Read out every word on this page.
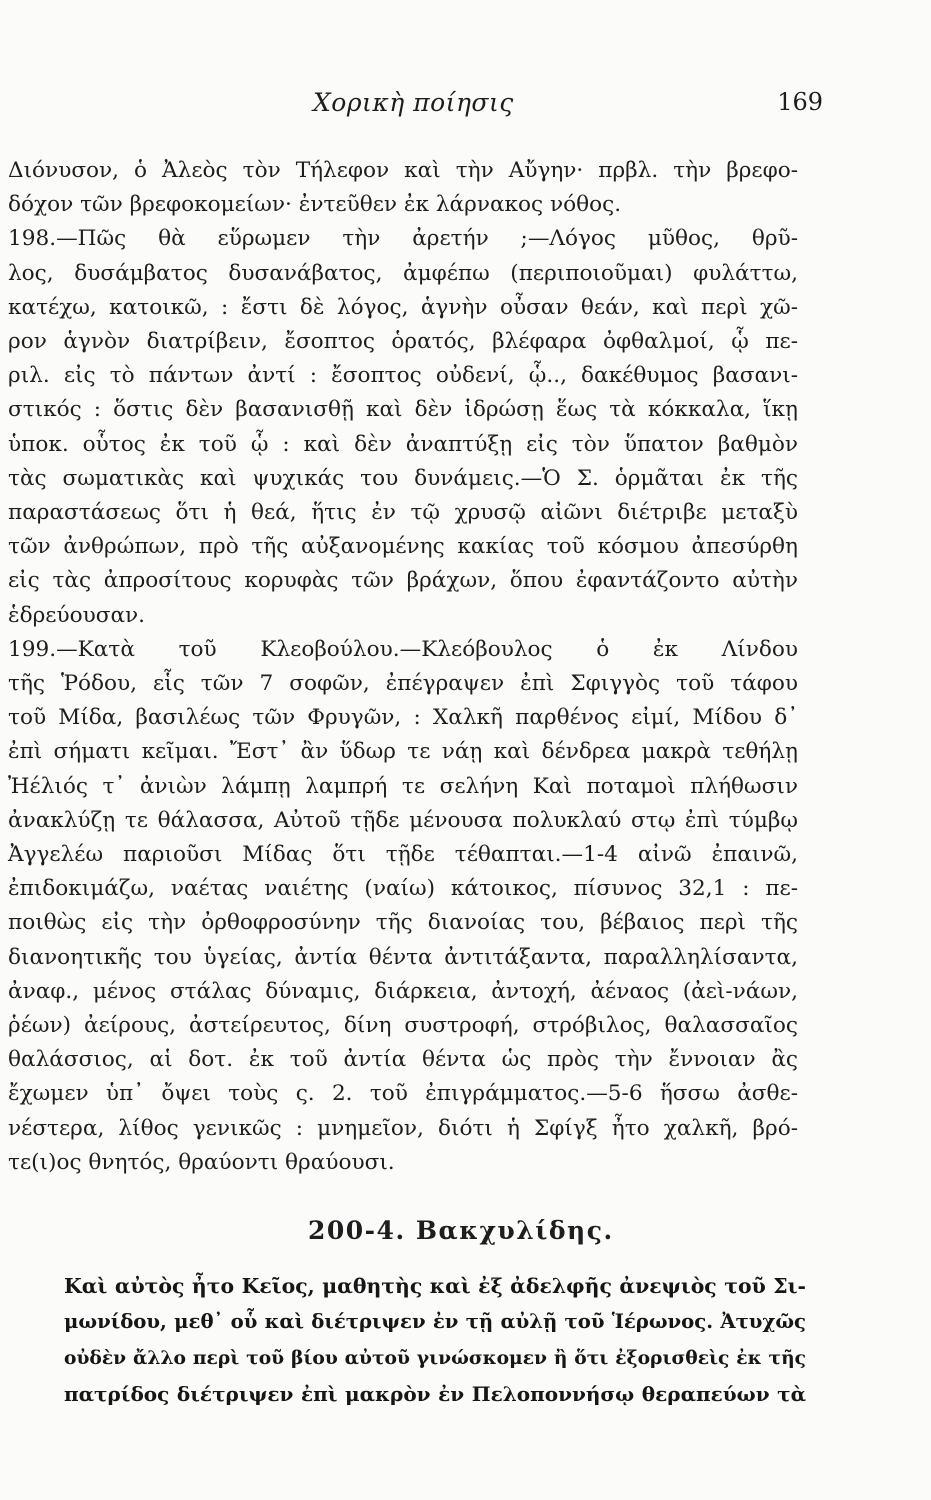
Χορικὴ ποίησις	169
Διόνυσον, ὁ Ἀλεὸς τὸν Τήλεφον καὶ τὴν Αὔγην· πρβλ. τὴν βρεφο-
δόχον τῶν βρεφοκομείων· ἐντεῦθεν ἐκ λάρνακος νόθος.
198.—Πῶς θὰ εὕρωμεν τὴν ἀρετήν ;—Λόγος μῦθος, θρῦ-
λος, δυσάμβατος δυσανάβατος, ἀμφέπω (περιποιοῦμαι) φυλάττω,
κατέχω, κατοικῶ, : ἔστι δὲ λόγος, ἁγνὴν οὖσαν θεάν, καὶ περὶ χῶ-
ρον ἁγνὸν διατρίβειν, ἔσοπτος ὁρατός, βλέφαρα ὀφθαλμοί, ᾧ πε-
ριλ. εἰς τὸ πάντων ἀντί : ἔσοπτος οὐδενί, ᾧ.., δακέθυμος βασανι-
στικός : ὅστις δὲν βασανισθῇ καὶ δὲν ἱδρώσῃ ἕως τὰ κόκκαλα, ἵκῃ
ὑποκ. οὗτος ἐκ τοῦ ᾧ : καὶ δὲν ἀναπτύξῃ εἰς τὸν ὕπατον βαθμὸν
τὰς σωματικὰς καὶ ψυχικάς του δυνάμεις.—Ὁ Σ. ὁρμᾶται ἐκ τῆς
παραστάσεως ὅτι ἡ θεά, ἥτις ἐν τῷ χρυσῷ αἰῶνι διέτριβε μεταξὺ
τῶν ἀνθρώπων, πρὸ τῆς αὐξανομένης κακίας τοῦ κόσμου ἀπεσύρθη
εἰς τὰς ἀπροσίτους κορυφὰς τῶν βράχων, ὅπου ἐφαντάζοντο αὐτὴν
ἑδρεύουσαν.
199.—Κατὰ τοῦ Κλεοβούλου.—Κλεόβουλος ὁ ἐκ Λίνδου
τῆς Ῥόδου, εἷς τῶν 7 σοφῶν, ἐπέγραψεν ἐπὶ Σφιγγὸς τοῦ τάφου
τοῦ Μίδα, βασιλέως τῶν Φρυγῶν, : Χαλκῆ παρθένος εἰμί, Μίδου δ᾽
ἐπὶ σήματι κεῖμαι. Ἔστ᾽ ἂν ὕδωρ τε νάῃ καὶ δένδρεα μακρὰ τεθήλῃ
Ἠέλιός τ᾽ ἀνιὼν λάμπῃ λαμπρή τε σελήνη Καὶ ποταμοὶ πλήθωσιν
ἀνακλύζῃ τε θάλασσα, Αὐτοῦ τῇδε μένουσα πολυκλαύ στῳ ἐπὶ τύμβῳ
Ἀγγελέω παριοῦσι Μίδας ὅτι τῇδε τέθαπται.—1-4 αἰνῶ ἐπαινῶ,
ἐπιδοκιμάζω, ναέτας ναιέτης (ναίω) κάτοικος, πίσυνος 32,1 : πε-
ποιθὼς εἰς τὴν ὀρθοφροσύνην τῆς διανοίας του, βέβαιος περὶ τῆς
διανοητικῆς του ὑγείας, ἀντία θέντα ἀντιτάξαντα, παραλληλίσαντα,
ἀναφ., μένος στάλας δύναμις, διάρκεια, ἀντοχή, ἀέναος (ἀεὶ-νάων,
ῥέων) ἀείρους, ἀστείρευτος, δίνη συστροφή, στρόβιλος, θαλασσαῖος
θαλάσσιος, αἱ δοτ. ἐκ τοῦ ἀντία θέντα ὡς πρὸς τὴν ἔννοιαν ἂς
ἔχωμεν ὑπ᾽ ὄψει τοὺς ς. 2. τοῦ ἐπιγράμματος.—5-6 ἥσσω ἀσθε-
νέστερα, λίθος γενικῶς : μνημεῖον, διότι ἡ Σφίγξ ἦτο χαλκῆ, βρό-
τε(ι)ος θνητός, θραύοντι θραύουσι.
200-4. Βακχυλίδης.
Καὶ αὐτὸς ἦτο Κεῖος, μαθητὴς καὶ ἐξ ἀδελφῆς ἀνεψιὸς τοῦ Σι-
μωνίδου, μεθ᾽ οὗ καὶ διέτριψεν ἐν τῇ αὐλῇ τοῦ Ἱέρωνος. Ἀτυχῶς
οὐδὲν ἄλλο περὶ τοῦ βίου αὐτοῦ γινώσκομεν ἢ ὅτι ἐξορισθεὶς ἐκ τῆς
πατρίδος διέτριψεν ἐπὶ μακρὸν ἐν Πελοποννήσῳ θεραπεύων τὰ
